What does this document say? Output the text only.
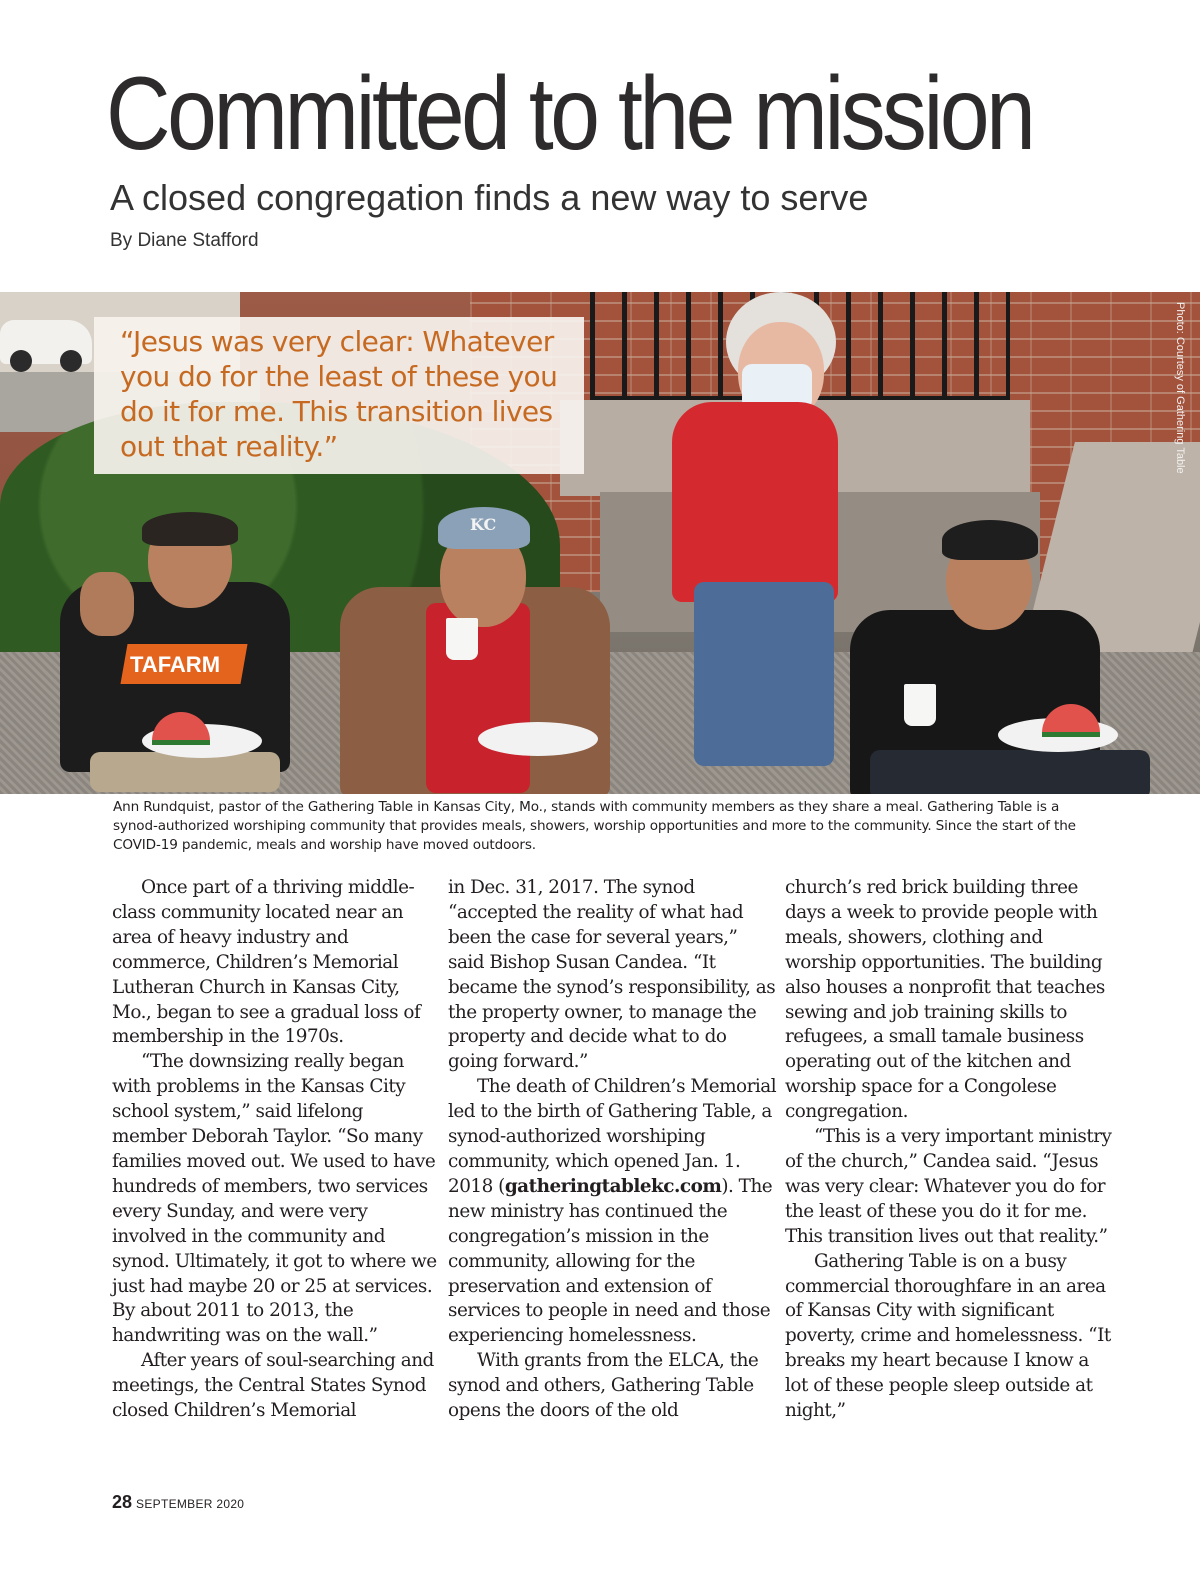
Committed to the mission
A closed congregation finds a new way to serve
By Diane Stafford
TAFARM
KC
“Jesus was very clear: Whatever you do for the least of these you do it for me. This transition lives out that reality.”	Photo: Courtesy of Gathering Table
Ann Rundquist, pastor of the Gathering Table in Kansas City, Mo., stands with community members as they share a meal. Gathering Table is a synod-authorized worshiping community that provides meals, showers, worship opportunities and more to the community. Since the start of the COVID-19 pandemic, meals and worship have moved outdoors.

Once part of a thriving middle-class community located near an area of heavy industry and commerce, Children’s Memorial Lutheran Church in Kansas City, Mo., began to see a gradual loss of membership in the 1970s.

“The downsizing really began with problems in the Kansas City school system,” said lifelong member Deborah Taylor. “So many families moved out. We used to have hundreds of members, two services every Sunday, and were very involved in the community and synod. Ultimately, it got to where we just had maybe 20 or 25 at services. By about 2011 to 2013, the handwriting was on the wall.”

After years of soul-searching and meetings, the Central States Synod closed Children’s Memorial

in Dec. 31, 2017. The synod “accepted the reality of what had been the case for several years,” said Bishop Susan Candea. “It became the synod’s responsibility, as the property owner, to manage the property and decide what to do going forward.”

The death of Children’s Memorial led to the birth of Gathering Table, a synod-authorized worshiping community, which opened Jan. 1. 2018 (gatheringtablekc.com). The new ministry has continued the congregation’s mission in the community, allowing for the preservation and extension of services to people in need and those experiencing homelessness.

With grants from the ELCA, the synod and others, Gathering Table opens the doors of the old

church’s red brick building three days a week to provide people with meals, showers, clothing and worship opportunities. The building also houses a nonprofit that teaches sewing and job training skills to refugees, a small tamale business operating out of the kitchen and worship space for a Congolese congregation.

“This is a very important ministry of the church,” Candea said. “Jesus was very clear: Whatever you do for the least of these you do it for me. This transition lives out that reality.”

Gathering Table is on a busy commercial thoroughfare in an area of Kansas City with significant poverty, crime and homelessness. “It breaks my heart because I know a lot of these people sleep outside at night,”

28 SEPTEMBER 2020
